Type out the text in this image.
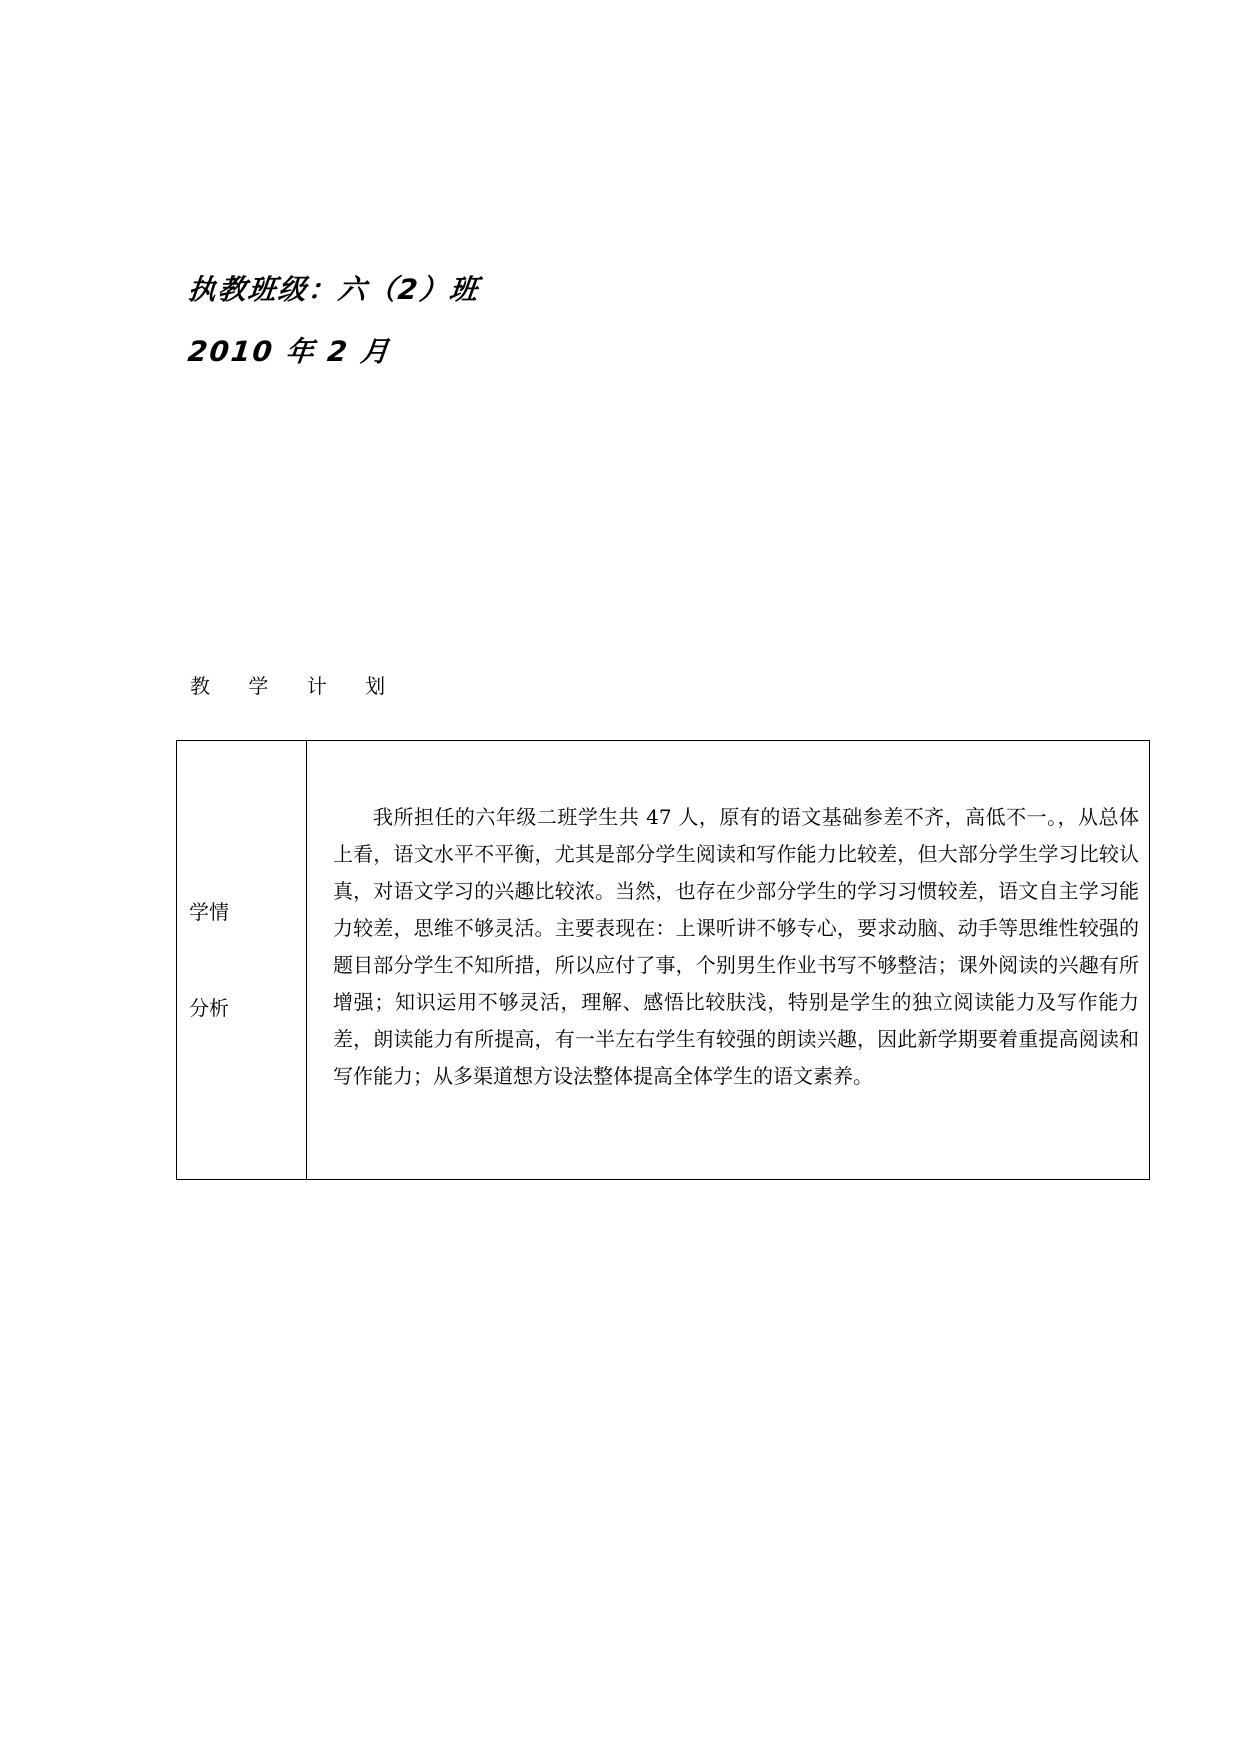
执教班级：六（2）班
2010 年 2 月
教 学 计 划
学情
分析

我所担任的六年级二班学生共 47 人，原有的语文基础参差不齐，高低不一。，从总体上看，语文水平不平衡，尤其是部分学生阅读和写作能力比较差，但大部分学生学习比较认真，对语文学习的兴趣比较浓。当然，也存在少部分学生的学习习惯较差，语文自主学习能力较差，思维不够灵活。主要表现在：上课听讲不够专心，要求动脑、动手等思维性较强的题目部分学生不知所措，所以应付了事，个别男生作业书写不够整洁；课外阅读的兴趣有所增强；知识运用不够灵活，理解、感悟比较肤浅，特别是学生的独立阅读能力及写作能力差，朗读能力有所提高，有一半左右学生有较强的朗读兴趣，因此新学期要着重提高阅读和写作能力；从多渠道想方设法整体提高全体学生的语文素养。
